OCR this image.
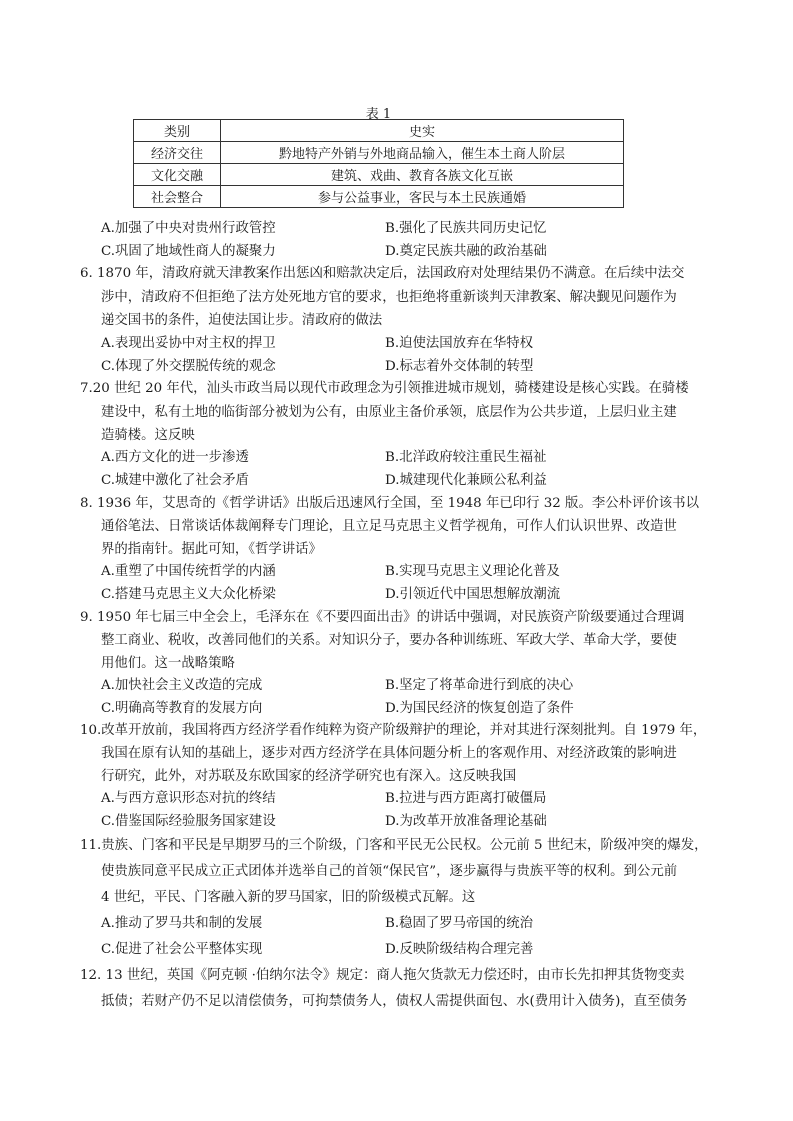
表 1
类别	史实
经济交往	黔地特产外销与外地商品输入，催生本土商人阶层
文化交融	建筑、戏曲、教育各族文化互嵌
社会整合	参与公益事业，客民与本土民族通婚
A.加强了中央对贵州行政管控	B.强化了民族共同历史记忆
C.巩固了地域性商人的凝聚力	D.奠定民族共融的政治基础
6. 1870 年，清政府就天津教案作出惩凶和赔款决定后，法国政府对处理结果仍不满意。在后续中法交
涉中，清政府不但拒绝了法方处死地方官的要求，也拒绝将重新谈判天津教案、解决觐见问题作为
递交国书的条件，迫使法国让步。清政府的做法
A.表现出妥协中对主权的捍卫	B.迫使法国放弃在华特权
C.体现了外交摆脱传统的观念	D.标志着外交体制的转型
7.20 世纪 20 年代，汕头市政当局以现代市政理念为引领推进城市规划，骑楼建设是核心实践。在骑楼
建设中，私有土地的临街部分被划为公有，由原业主备价承领，底层作为公共步道，上层归业主建
造骑楼。这反映
A.西方文化的进一步渗透	B.北洋政府较注重民生福祉
C.城建中激化了社会矛盾	D.城建现代化兼顾公私利益
8. 1936 年，艾思奇的《哲学讲话》出版后迅速风行全国，至 1948 年已印行 32 版。李公朴评价该书以
通俗笔法、日常谈话体裁阐释专门理论，且立足马克思主义哲学视角，可作人们认识世界、改造世
界的指南针。据此可知，《哲学讲话》
A.重塑了中国传统哲学的内涵	B.实现马克思主义理论化普及
C.搭建马克思主义大众化桥梁	D.引领近代中国思想解放潮流
9. 1950 年七届三中全会上，毛泽东在《不要四面出击》的讲话中强调，对民族资产阶级要通过合理调
整工商业、税收，改善同他们的关系。对知识分子，要办各种训练班、军政大学、革命大学，要使
用他们。这一战略策略
A.加快社会主义改造的完成	B.坚定了将革命进行到底的决心
C.明确高等教育的发展方向	D.为国民经济的恢复创造了条件
10.改革开放前，我国将西方经济学看作纯粹为资产阶级辩护的理论，并对其进行深刻批判。自 1979 年，
我国在原有认知的基础上，逐步对西方经济学在具体问题分析上的客观作用、对经济政策的影响进
行研究，此外，对苏联及东欧国家的经济学研究也有深入。这反映我国
A.与西方意识形态对抗的终结	B.拉进与西方距离打破僵局
C.借鉴国际经验服务国家建设	D.为改革开放准备理论基础
11.贵族、门客和平民是早期罗马的三个阶级，门客和平民无公民权。公元前 5 世纪末，阶级冲突的爆发，
使贵族同意平民成立正式团体并选举自己的首领“保民官”，逐步赢得与贵族平等的权利。到公元前
4 世纪，平民、门客融入新的罗马国家，旧的阶级模式瓦解。这
A.推动了罗马共和制的发展	B.稳固了罗马帝国的统治
C.促进了社会公平整体实现	D.反映阶级结构合理完善
12. 13 世纪，英国《阿克顿 ·伯纳尔法令》规定：商人拖欠货款无力偿还时，由市长先扣押其货物变卖
抵债；若财产仍不足以清偿债务，可拘禁债务人，债权人需提供面包、水(费用计入债务)，直至债务
